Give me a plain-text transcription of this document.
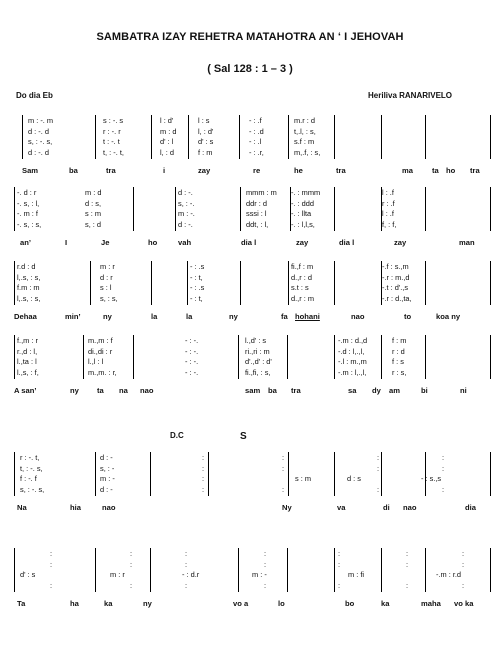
SAMBATRA IZAY REHETRA MATAHOTRA AN ‘ I JEHOVAH
( Sal 128 : 1 – 3 )
Do dia Eb	Heriliva RANARIVELO
D.C	S
m : -. m	s : -. s	l : d'	l : s	- : .f	m.r : d
d : -. d	r : -. r	m : d	l, : d'	- : .d	t,.l, : s,
s, : -. s,	t : -. t	d' : l	d' : s	- : .l	s.f : m
d : -. d	t, : -. t,	l, : d	f : m	- : .r,	m,.f, : s,
Sam	ba	tra	i	zay	re	he	tra	ma	ta ho tra
-. d : r	m : d	d : -.	mmm : m -. : mmm	l : .f
-. s, : l,	d : s,	s, : -.	ddr : d	-. : ddd	r : .f
-. m : f	s : m	m : -.	sssi : l	-. : llta	l : .f
-. s, : s,	s, : d	d : -.	ddt, : l,	-. : l,l,s,	f, : f,
an’	I	Je	ho	vah	dia l	zay	dia l	zay	man
r.d : d	m : r	- : .s	fi.,f : m	-.f : s.,m
l,.s, : s,	d : r	- : t,	d.,r : d	-.r : m.,d
f.m : m	s : l	- : .s	s.t : s	-.t : d'.,s
l,.s, : s,	s, : s,	- : t,	d.,r : m	-.r : d.,ta,
Dehaa	min’	ny	la	la	ny	fa hohani	nao	to	koa ny
f.,m : r	m.,m : f	- : -.	l.,d' : s	-.m : d.,d	f : m
r.,d : l,	di.,di : r	- : -.	ri.,ri : m	-.d : l,.,l,	r : d
l.,ta : l	l.,l : l	- : -.	d'.,d' : d'	-.l : m.,m	f : s
l.,s, : f,	m.,m. : r,	- : -.	fi.,fi, : s,	-.m : l,.,l,	r : s,
A san’	ny ta na nao	sam ba tra	sa dy am	bi	ni
r : -. t,	d : -	:	:	:	:
t, : -. s,	s, : -	:	:	:	:
f : -. f	m : -	:	s : m	d : s	- : s.,s
s, : -. s,	d : -	:	:	:	:
Na	hia	nao	Ny	va	di nao	dia
:	:	:	:	:	:	:
:	:	:	:	:	:	:
d' : s	m : r	- : d.r	m : -	m : fi	-.m : r.d
:	:	:	:	:	:	:
Ta	ha	ka	ny	vo a	lo	bo	ka	maha vo ka
